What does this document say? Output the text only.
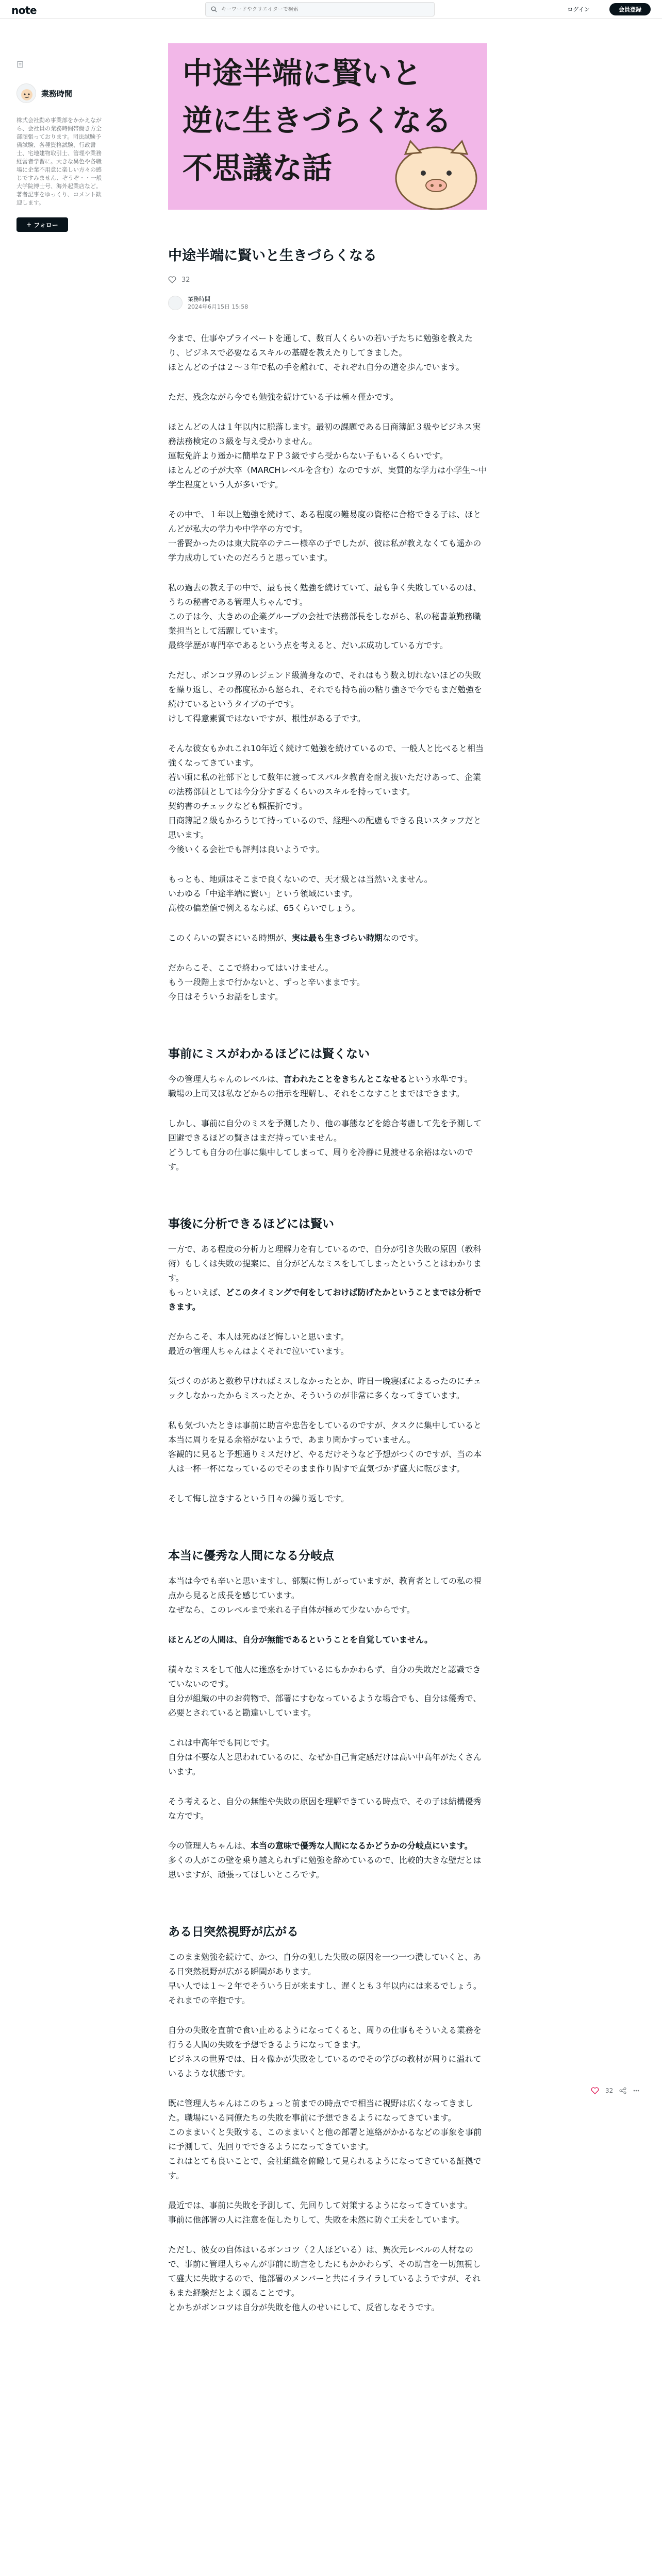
note
キーワードやクリエイターで検索	ログイン	会員登録
業務時間
株式会社勤め事業部をかかえながら、会社員の業務時間帯働き方全部頑張っております。司法試験予備試験、各種資格試験、行政書士、宅地建物取引士、管理や業務経営者学習に。大きな異色や各職場に企業不用意に楽しい方々の感じですみません、ぞうぞ・・一般大学院博士号、海外起業店など。著者記事をゆっくり、コメント歓迎します。
+ フォロー
中途半端に賢いと
逆に生きづらくなる
不思議な話
中途半端に賢いと生きづらくなる
32
業務時間
2024年6月15日 15:58

今まで、仕事やプライベートを通して、数百人くらいの若い子たちに勉強を教えたり、ビジネスで必要なるスキルの基礎を教えたりしてきました。
ほとんどの子は２～３年で私の手を離れて、それぞれ自分の道を歩んでいます。

ただ、残念ながら今でも勉強を続けている子は極々僅かです。

ほとんどの人は１年以内に脱落します。最初の課題である日商簿記３級やビジネス実務法務検定の３級を与え受かりません。
運転免許より遥かに簡単なＦＰ３級ですら受からない子もいるくらいです。
ほとんどの子が大卒（MARCHレベルを含む）なのですが、実質的な学力は小学生～中学生程度という人が多いです。

その中で、１年以上勉強を続けて、ある程度の難易度の資格に合格できる子は、ほとんどが私大の学力や中学卒の方です。
一番賢かったのは東大院卒のテニー様卒の子でしたが、彼は私が教えなくても遥かの学力成功していたのだろうと思っています。

私の過去の教え子の中で、最も長く勉強を続けていて、最も争く失敗しているのは、うちの秘書である管理人ちゃんです。
この子は今、大きめの企業グループの会社で法務部長をしながら、私の秘書兼勤務職業担当として活躍しています。
最終学歴が専門卒であるという点を考えると、だいぶ成功している方です。

ただし、ポンコツ界のレジェンド級満身なので、それはもう数え切れないほどの失敗を繰り返し、その都度私から怒られ、それでも持ち前の粘り強さで今でもまだ勉強を続けているというタイプの子です。
けして得意素質ではないですが、根性がある子です。

そんな彼女もかれこれ10年近く続けて勉強を続けているので、一般人と比べると相当強くなってきています。
若い頃に私の社部下として数年に渡ってスパルタ教育を耐え抜いただけあって、企業の法務部員としては今分分すぎるくらいのスキルを持っています。
契約書のチェックなども頼振折です。
日商簿記２級もかろうじて持っているので、経理への配慮もできる良いスタッフだと思います。
今後いくる会社でも評判は良いようです。

もっとも、地頭はそこまで良くないので、天才級とは当然いえません。
いわゆる「中途半端に賢い」という領域にいます。
高校の偏差値で例えるならば、65くらいでしょう。

このくらいの賢さにいる時期が、実は最も生きづらい時期なのです。

だからこそ、ここで終わってはいけません。
もう一段階上まで行かないと、ずっと辛いままです。
今日はそういうお話をします。

事前にミスがわかるほどには賢くない

今の管理人ちゃんのレベルは、言われたことをきちんとこなせるという水準です。
職場の上司又は私などからの指示を理解し、それをこなすことまではできます。

しかし、事前に自分のミスを予測したり、他の事態などを総合考慮して先を予測して回避できるほどの賢さはまだ持っていません。
どうしても自分の仕事に集中してしまって、周りを冷静に見渡せる余裕はないのです。

事後に分析できるほどには賢い

一方で、ある程度の分析力と理解力を有しているので、自分が引き失敗の原因（教科術）もしくは失敗の提案に、自分がどんなミスをしてしまったということはわかります。
もっといえば、どこのタイミングで何をしておけば防げたかということまでは分析できます。

だからこそ、本人は死ぬほど悔しいと思います。
最近の管理人ちゃんはよくそれで泣いています。

気づくのがあと数秒早ければミスしなかったとか、昨日一晩寝ぼによるったのにチェックしなかったからミスったとか、そういうのが非常に多くなってきています。

私も気づいたときは事前に助言や忠告をしているのですが、タスクに集中していると本当に周りを見る余裕がないようで、あまり聞かすっていません。
客観的に見ると予想通りミスだけど、やるだけそうなど予想がつくのですが、当の本人は一杯一杯になっているのでそのまま作り問すで直気づかず盛大に転びます。

そして悔し泣きするという日々の繰り返しです。

本当に優秀な人間になる分岐点

本当は今でも辛いと思いますし、部類に悔しがっていますが、教育者としての私の視点から見ると成長を感じています。
なぜなら、このレベルまで来れる子自体が極めて少ないからです。

ほとんどの人間は、自分が無能であるということを自覚していません。

積々なミスをして他人に迷惑をかけているにもかかわらず、自分の失敗だと認識できていないのです。
自分が組織の中のお荷物で、部署にすむなっているような場合でも、自分は優秀で、必要とされていると勘違いしています。

これは中高年でも同じです。
自分は不要な人と思われているのに、なぜか自己肯定感だけは高い中高年がたくさんいます。

そう考えると、自分の無能や失敗の原因を理解できている時点で、その子は結構優秀な方です。

今の管理人ちゃんは、本当の意味で優秀な人間になるかどうかの分岐点にいます。
多くの人がこの壁を乗り越えられずに勉強を辞めているので、比較的大きな壁だとは思いますが、頑張ってほしいところです。

ある日突然視野が広がる

このまま勉強を続けて、かつ、自分の犯した失敗の原因を一つ一つ潰していくと、ある日突然視野が広がる瞬間があります。
早い人では１～２年でそういう日が来ますし、遅くとも３年以内には来るでしょう。
それまでの辛抱です。

自分の失敗を直前で食い止めるようになってくると、周りの仕事もそういえる業務を行うる人間の失敗を予想できるようになってきます。
ビジネスの世界では、日々像かが失敗をしているのでその学びの教材が周りに溢れているような状態です。

既に管理人ちゃんはこのちょっと前までの時点でで相当に視野は広くなってきました。職場にいる同僚たちの失敗を事前に予想できるようになってきています。
このままいくと失敗する、このままいくと他の部署と連絡がかかるなどの事象を事前に予測して、先回りでできるようになってきています。
これはとても良いことで、会社組織を俯瞰して見られるようになってきている証拠です。

最近では、事前に失敗を予測して、先回りして対策するようになってきています。
事前に他部署の人に注意を促したりして、失敗を未然に防ぐ工夫をしています。

ただし、彼女の自体はいるポンコツ（２人ほどいる）は、異次元レベルの人材なので、事前に管理人ちゃんが事前に助言をしたにもかかわらず、その助言を一切無視して盛大に失敗するので、他部署のメンバーと共にイライラしているようですが、それもまた経験だとよく頭ることです。
とかちがポンコツは自分が失敗を他人のせいにして、反省しなそうです。

32
